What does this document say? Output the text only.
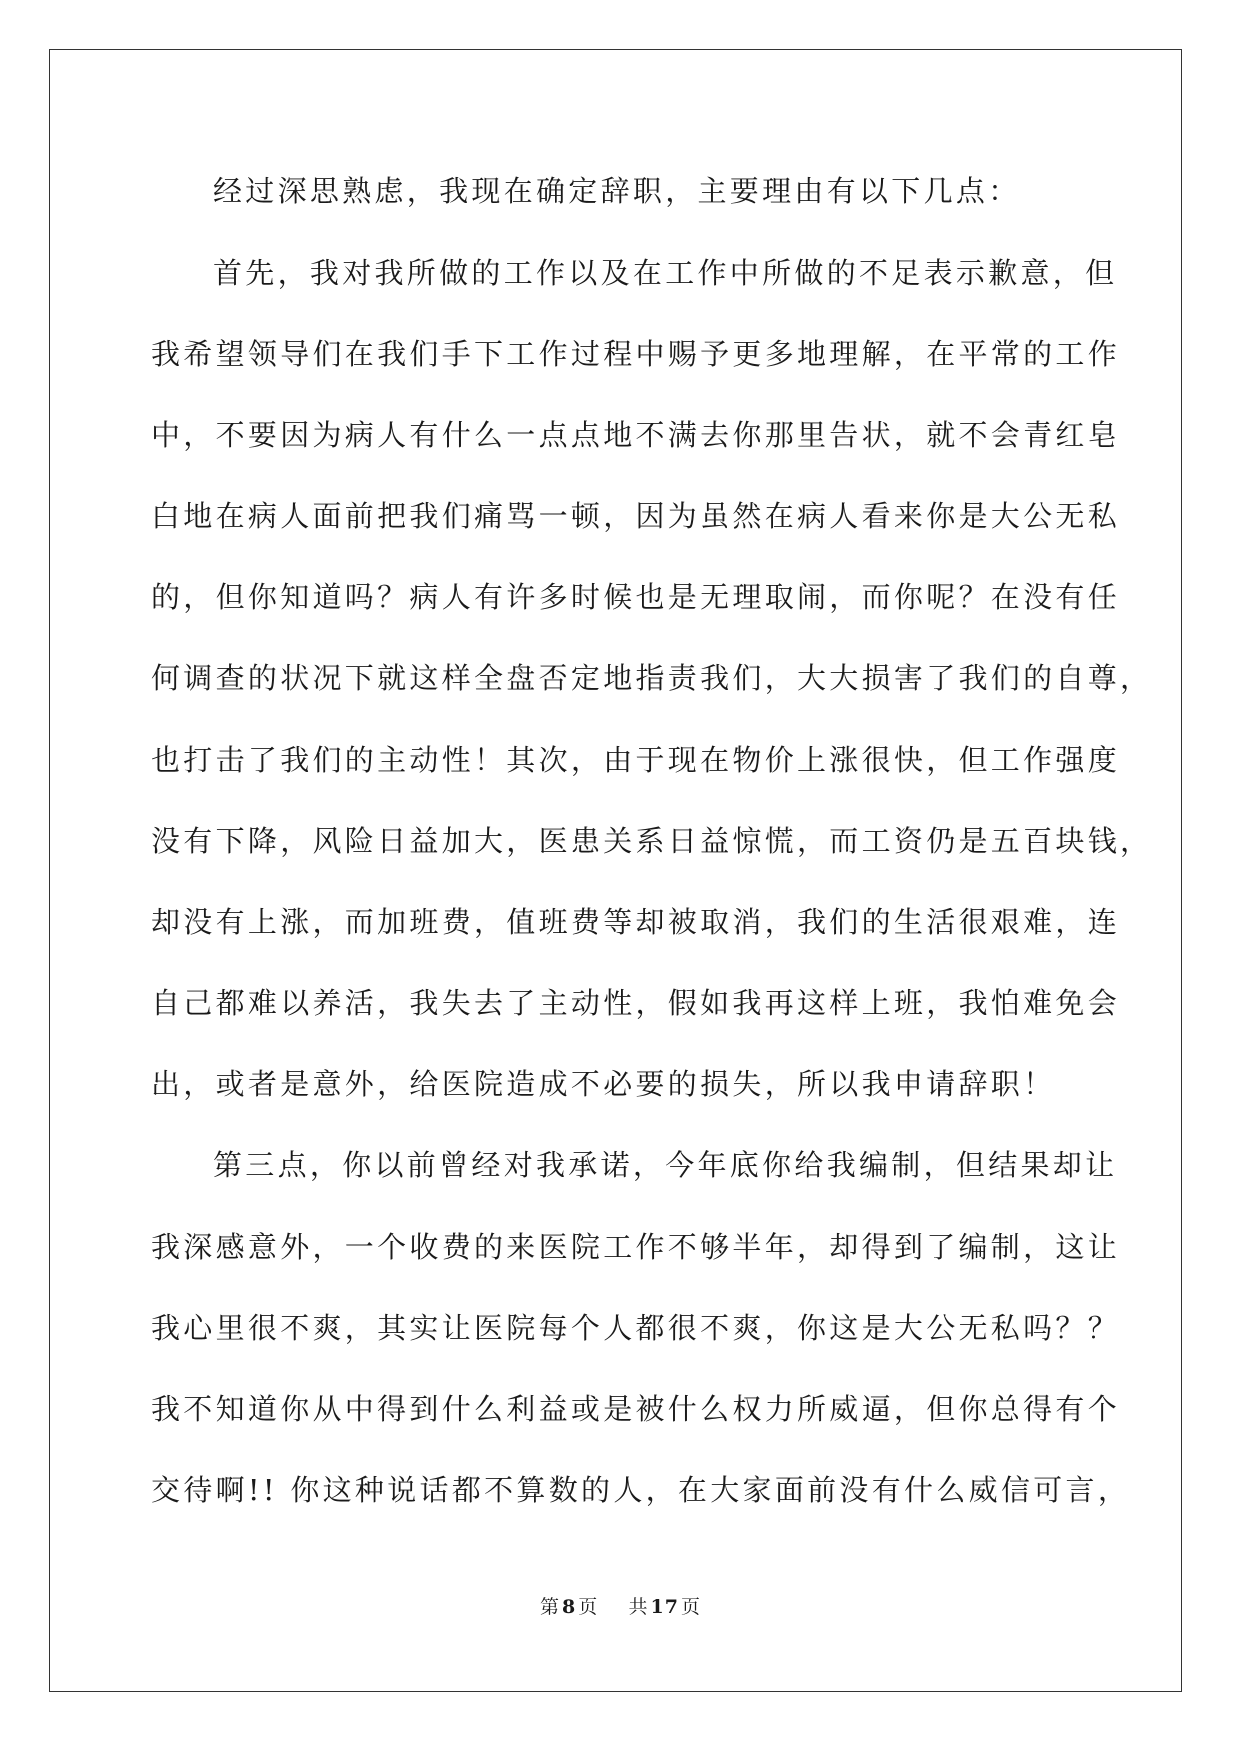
经过深思熟虑，我现在确定辞职，主要理由有以下几点：
首先，我对我所做的工作以及在工作中所做的不足表示歉意，但
我希望领导们在我们手下工作过程中赐予更多地理解，在平常的工作
中，不要因为病人有什么一点点地不满去你那里告状，就不会青红皂
白地在病人面前把我们痛骂一顿，因为虽然在病人看来你是大公无私
的，但你知道吗？病人有许多时候也是无理取闹，而你呢？在没有任
何调查的状况下就这样全盘否定地指责我们，大大损害了我们的自尊，
也打击了我们的主动性！其次，由于现在物价上涨很快，但工作强度
没有下降，风险日益加大，医患关系日益惊慌，而工资仍是五百块钱，
却没有上涨，而加班费，值班费等却被取消，我们的生活很艰难，连
自己都难以养活，我失去了主动性，假如我再这样上班，我怕难免会
出，或者是意外，给医院造成不必要的损失，所以我申请辞职！
第三点，你以前曾经对我承诺，今年底你给我编制，但结果却让
我深感意外，一个收费的来医院工作不够半年，却得到了编制，这让
我心里很不爽，其实让医院每个人都很不爽，你这是大公无私吗？？
我不知道你从中得到什么利益或是被什么权力所威逼，但你总得有个
交待啊!! 你这种说话都不算数的人，在大家面前没有什么威信可言，
第 8 页 共 17 页
